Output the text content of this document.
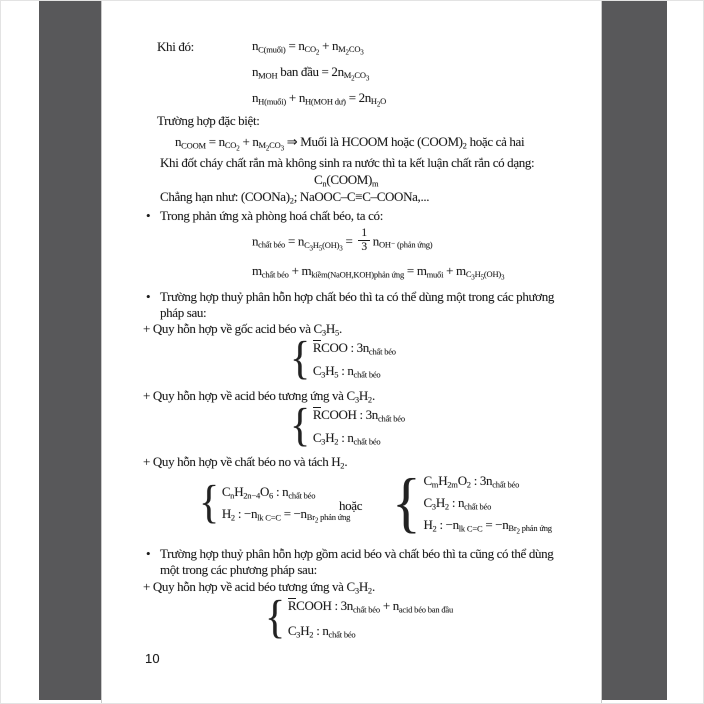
Khi đó:	$n_{C(muối)} = n_{CO_2} + n_{M_2CO_3}$
$n_{MOH}$ ban đầu = $2n_{M_2CO_3}$
$n_{H(muối)} + n_{H(MOH dư)} = 2n_{H_2O}$
Trường hợp đặc biệt:
$n_{COOM} = n_{CO_2} + n_{M_2CO_3}$ ⇒ Muối là HCOOM hoặc $(COOM)_2$ hoặc cả hai
Khi đốt cháy chất rắn mà không sinh ra nước thì ta kết luận chất rắn có dạng:
$C_n(COOM)_m$
Chẳng hạn như: $(COONa)_2$; NaOOC–C≡C–COONa,...
• Trong phản ứng xà phòng hoá chất béo, ta có:
$n_{chất béo} = n_{C_3H_5(OH)_3} = \frac{1}{3} n_{OH^- (phản ứng)}$
$m_{chất béo} + m_{kiềm(NaOH,KOH)phản ứng} = m_{muối} + m_{C_3H_5(OH)_3}$
• Trường hợp thuỷ phân hỗn hợp chất béo thì ta có thể dùng một trong các phương
pháp sau:
+ Quy hỗn hợp về gốc acid béo và $C_3H_5$.
{ RCOO : $3n_{chất béo}$
$C_3H_5$ : $n_{chất béo}$
+ Quy hỗn hợp về acid béo tương ứng và $C_3H_2$.
{ RCOOH : $3n_{chất béo}$
$C_3H_2$ : $n_{chất béo}$
+ Quy hỗn hợp về chất béo no và tách $H_2$.
{ $C_nH_{2n-4}O_6$ : $n_{chất béo}$
$H_2$ : $-n_{lk C=C} = -n_{Br_2 phản ứng}$
hoặc { $C_mH_{2m}O_2$ : $3n_{chất béo}$
$C_3H_2$ : $n_{chất béo}$
$H_2$ : $-n_{lk C=C} = -n_{Br_2 phản ứng}$
• Trường hợp thuỷ phân hỗn hợp gồm acid béo và chất béo thì ta cũng có thể dùng
một trong các phương pháp sau:
+ Quy hỗn hợp về acid béo tương ứng và $C_3H_2$.
{ RCOOH : $3n_{chất béo} + n_{acid béo ban đầu}$
$C_3H_2$ : $n_{chất béo}$
10
